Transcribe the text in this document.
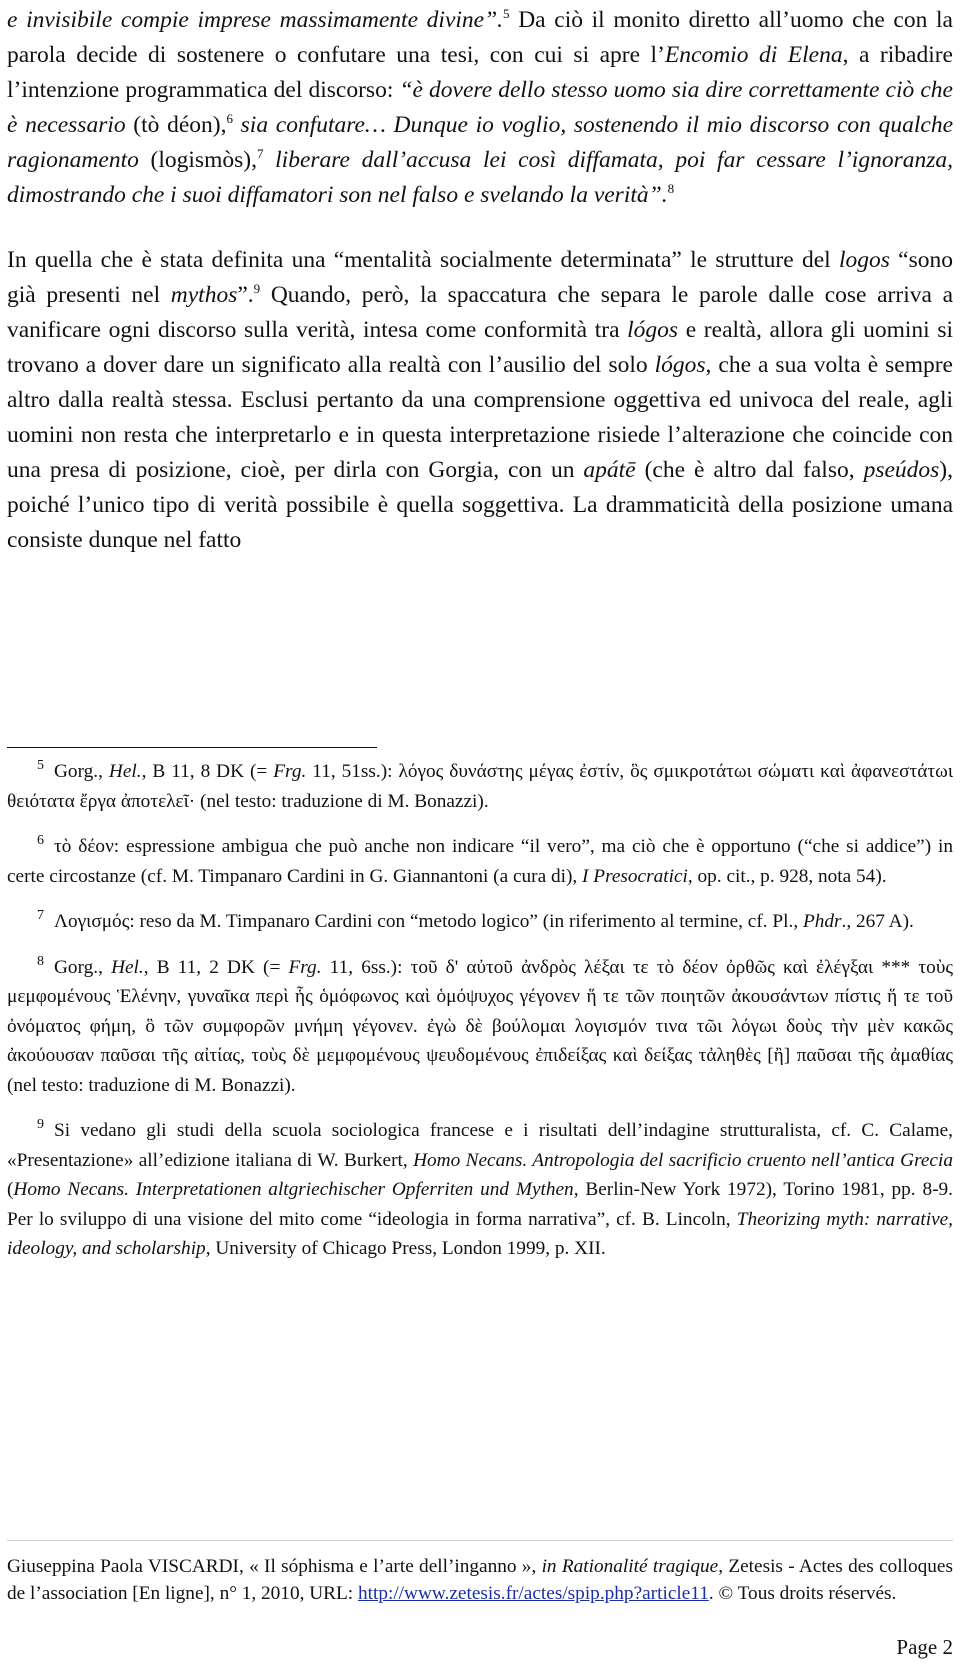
e invisibile compie imprese massimamente divine”.$^5$ Da ciò il monito diretto all’uomo che con la parola decide di sostenere o confutare una tesi, con cui si apre l’Encomio di Elena, a ribadire l’intenzione programmatica del discorso: “è dovere dello stesso uomo sia dire correttamente ciò che è necessario (tò déon),$^6$ sia confutare… Dunque io voglio, sostenendo il mio discorso con qualche ragionamento (logismòs),$^7$ liberare dall’accusa lei così diffamata, poi far cessare l’ignoranza, dimostrando che i suoi diffamatori son nel falso e svelando la verità”.$^8$

In quella che è stata definita una “mentalità socialmente determinata” le strutture del logos “sono già presenti nel mythos”.$^9$ Quando, però, la spaccatura che separa le parole dalle cose arriva a vanificare ogni discorso sulla verità, intesa come conformità tra lógos e realtà, allora gli uomini si trovano a dover dare un significato alla realtà con l’ausilio del solo lógos, che a sua volta è sempre altro dalla realtà stessa. Esclusi pertanto da una comprensione oggettiva ed univoca del reale, agli uomini non resta che interpretarlo e in questa interpretazione risiede l’alterazione che coincide con una presa di posizione, cioè, per dirla con Gorgia, con un apátē (che è altro dal falso, pseúdos), poiché l’unico tipo di verità possibile è quella soggettiva. La drammaticità della posizione umana consiste dunque nel fatto

$^5$ Gorg., Hel., B 11, 8 DK (= Frg. 11, 51ss.): λόγος δυνάστης μέγας ἐστίν, ὃς σμικροτάτωι σώματι καὶ ἀφανεστάτωι θειότατα ἔργα ἀποτελεῖ· (nel testo: traduzione di M. Bonazzi).

$^6$ τὸ δέον: espressione ambigua che può anche non indicare “il vero”, ma ciò che è opportuno (“che si addice”) in certe circostanze (cf. M. Timpanaro Cardini in G. Giannantoni (a cura di), I Presocratici, op. cit., p. 928, nota 54).

$^7$ Λογισμός: reso da M. Timpanaro Cardini con “metodo logico” (in riferimento al termine, cf. Pl., Phdr., 267 A).

$^8$ Gorg., Hel., B 11, 2 DK (= Frg. 11, 6ss.): τοῦ δ' αὐτοῦ ἀνδρὸς λέξαι τε τὸ δέον ὀρθῶς καὶ ἐλέγξαι *** τοὺς μεμφομένους Ἑλένην, γυναῖκα περὶ ἧς ὁμόφωνος καὶ ὁμόψυχος γέγονεν ἥ τε τῶν ποιητῶν ἀκουσάντων πίστις ἥ τε τοῦ ὀνόματος φήμη, ὃ τῶν συμφορῶν μνήμη γέγονεν. ἐγὼ δὲ βούλομαι λογισμόν τινα τῶι λόγωι δοὺς τὴν μὲν κακῶς ἀκούουσαν παῦσαι τῆς αἰτίας, τοὺς δὲ μεμφομένους ψευδομένους ἐπιδείξας καὶ δείξας τἀληθὲς [ἢ] παῦσαι τῆς ἀμαθίας (nel testo: traduzione di M. Bonazzi).

$^9$ Si vedano gli studi della scuola sociologica francese e i risultati dell’indagine strutturalista, cf. C. Calame, «Presentazione» all’edizione italiana di W. Burkert, Homo Necans. Antropologia del sacrificio cruento nell’antica Grecia (Homo Necans. Interpretationen altgriechischer Opferriten und Mythen, Berlin-New York 1972), Torino 1981, pp. 8-9. Per lo sviluppo di una visione del mito come “ideologia in forma narrativa”, cf. B. Lincoln, Theorizing myth: narrative, ideology, and scholarship, University of Chicago Press, London 1999, p. XII.

Giuseppina Paola VISCARDI, « Il sóphisma e l’arte dell’inganno », in Rationalité tragique, Zetesis - Actes des colloques de l’association [En ligne], n° 1, 2010, URL: http://www.zetesis.fr/actes/spip.php?article11. © Tous droits réservés.
Page 2
